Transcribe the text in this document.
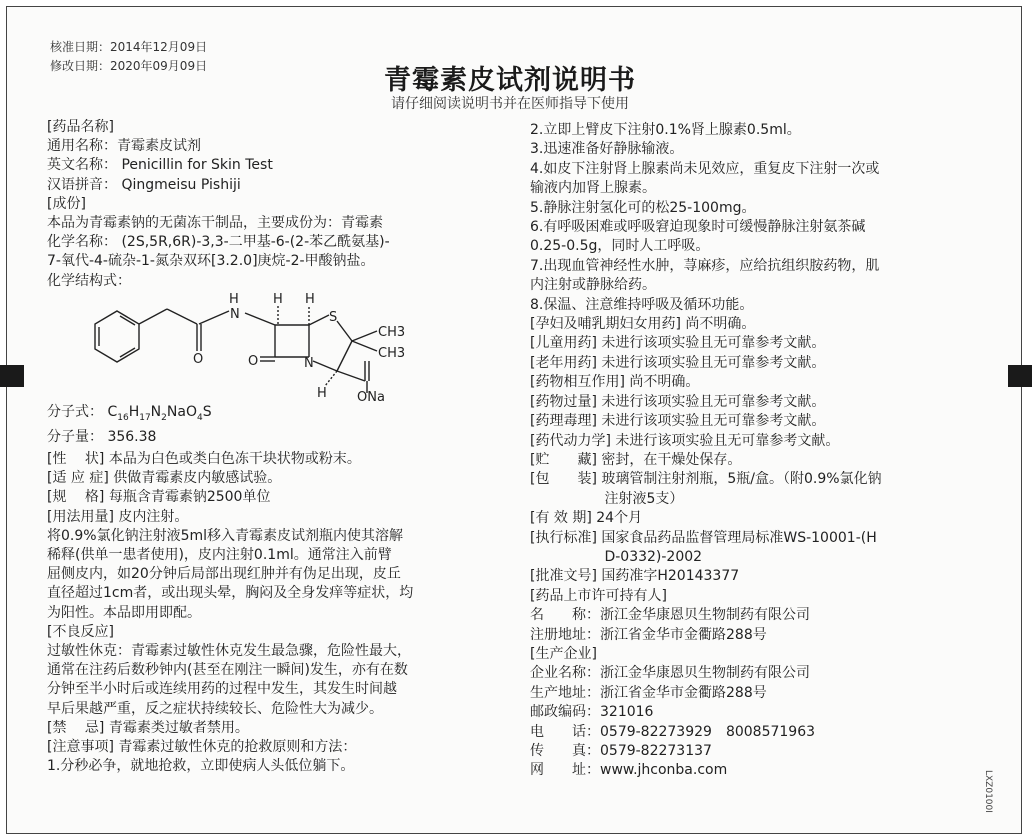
核准日期：2014年12月09日
修改日期：2020年09月09日	青霉素皮试剂说明书
请仔细阅读说明书并在医师指导下使用
[药品名称]
通用名称：青霉素皮试剂
英文名称： Penicillin for Skin Test
汉语拼音： Qingmeisu Pishiji
[成份]
本品为青霉素钠的无菌冻干制品，主要成份为：青霉素
化学名称： (2S,5R,6R)-3,3-二甲基-6-(2-苯乙酰氨基)-
7-氧代-4-硫杂-1-氮杂双环[3.2.0]庚烷-2-甲酸钠盐。
化学结构式：
H
N
H H
S
CH3
CH3
O	O	N
H ONa
分子式： $C_{16}H_{17}N_2NaO_4S$
分子量： 356.38
[性　 状] 本品为白色或类白色冻干块状物或粉末。
[适 应 症] 供做青霉素皮内敏感试验。
[规　 格] 每瓶含青霉素钠2500单位
[用法用量] 皮内注射。
将0.9%氯化钠注射液5ml移入青霉素皮试剂瓶内使其溶解
稀释(供单一患者使用)，皮内注射0.1ml。通常注入前臂
屈侧皮内，如20分钟后局部出现红肿并有伪足出现，皮丘
直径超过1cm者，或出现头晕，胸闷及全身发痒等症状，均
为阳性。本品即用即配。
[不良反应]
过敏性休克：青霉素过敏性休克发生最急骤，危险性最大，
通常在注药后数秒钟内(甚至在刚注一瞬间)发生，亦有在数
分钟至半小时后或连续用药的过程中发生，其发生时间越
早后果越严重，反之症状持续较长、危险性大为减少。
[禁　 忌] 青霉素类过敏者禁用。
[注意事项] 青霉素过敏性休克的抢救原则和方法：
1.分秒必争，就地抢救，立即使病人头低位躺下。
2.立即上臂皮下注射0.1%肾上腺素0.5ml。
3.迅速准备好静脉输液。
4.如皮下注射肾上腺素尚未见效应，重复皮下注射一次或
输液内加肾上腺素。
5.静脉注射氢化可的松25-100mg。
6.有呼吸困难或呼吸窘迫现象时可缓慢静脉注射氨茶碱
0.25-0.5g，同时人工呼吸。
7.出现血管神经性水肿，荨麻疹，应给抗组织胺药物，肌
内注射或静脉给药。
8.保温、注意维持呼吸及循环功能。
[孕妇及哺乳期妇女用药] 尚不明确。
[儿童用药] 未进行该项实验且无可靠参考文献。
[老年用药] 未进行该项实验且无可靠参考文献。
[药物相互作用] 尚不明确。
[药物过量] 未进行该项实验且无可靠参考文献。
[药理毒理] 未进行该项实验且无可靠参考文献。
[药代动力学] 未进行该项实验且无可靠参考文献。
[贮　　藏] 密封，在干燥处保存。
[包　　装] 玻璃管制注射剂瓶，5瓶/盒。（附0.9%氯化钠
　　　　　 注射液5支）
[有 效 期] 24个月
[执行标准] 国家食品药品监督管理局标准WS-10001-(H
　　　　　 D-0332)-2002
[批准文号] 国药准字H20143377
[药品上市许可持有人]
名　　称：浙江金华康恩贝生物制药有限公司
注册地址：浙江省金华市金衢路288号
[生产企业]
企业名称：浙江金华康恩贝生物制药有限公司
生产地址：浙江省金华市金衢路288号
邮政编码：321016
电　　话：0579-82273929　8008571963
传　　真：0579-82273137
网　　址：www.jhconba.com	LXZ0100I
